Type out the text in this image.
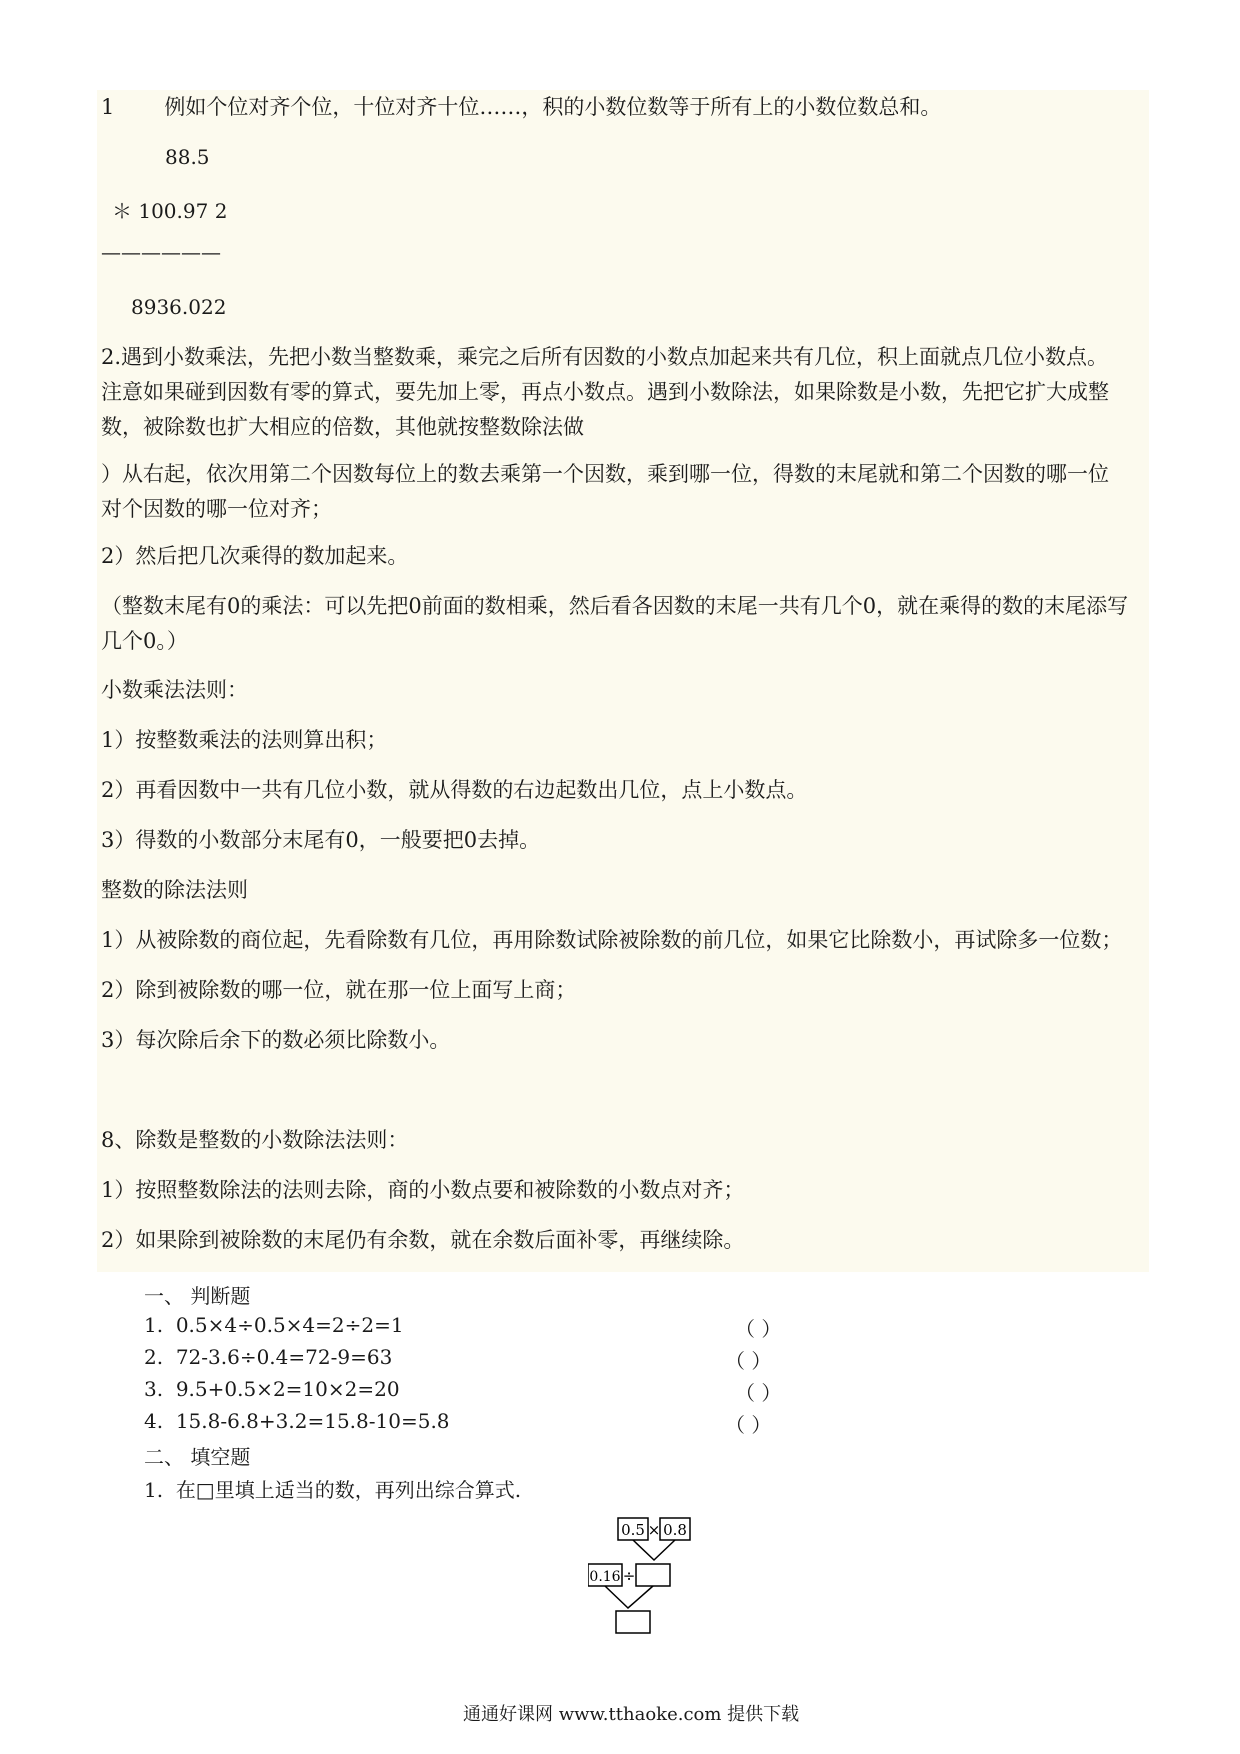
1 例如个位对齐个位，十位对齐十位……，积的小数位数等于所有上的小数位数总和。
88.5
＊ 100.97 2
——————
8936.022
2.遇到小数乘法，先把小数当整数乘，乘完之后所有因数的小数点加起来共有几位，积上面就点几位小数点。
注意如果碰到因数有零的算式，要先加上零，再点小数点。遇到小数除法，如果除数是小数，先把它扩大成整
数，被除数也扩大相应的倍数，其他就按整数除法做
）从右起，依次用第二个因数每位上的数去乘第一个因数，乘到哪一位，得数的末尾就和第二个因数的哪一位
对个因数的哪一位对齐；
2）然后把几次乘得的数加起来。
（整数末尾有0的乘法：可以先把0前面的数相乘，然后看各因数的末尾一共有几个0，就在乘得的数的末尾添写
几个0。）
小数乘法法则：
1）按整数乘法的法则算出积；
2）再看因数中一共有几位小数，就从得数的右边起数出几位，点上小数点。
3）得数的小数部分末尾有0，一般要把0去掉。
整数的除法法则
1）从被除数的商位起，先看除数有几位，再用除数试除被除数的前几位，如果它比除数小，再试除多一位数；
2）除到被除数的哪一位，就在那一位上面写上商；
3）每次除后余下的数必须比除数小。
8、除数是整数的小数除法法则：
1）按照整数除法的法则去除，商的小数点要和被除数的小数点对齐；
2）如果除到被除数的末尾仍有余数，就在余数后面补零，再继续除。
一、 判断题
1. 0.5×4÷0.5×4=2÷2=1	（ ）
2. 72-3.6÷0.4=72-9=63	（ ）
3. 9.5+0.5×2=10×2=20	（ ）
4. 15.8-6.8+3.2=15.8-10=5.8	（ ）
二、 填空题
1. 在□里填上适当的数，再列出综合算式.
0.5 × 0.8
0.16 ÷
通通好课网 www.tthaoke.com 提供下载
